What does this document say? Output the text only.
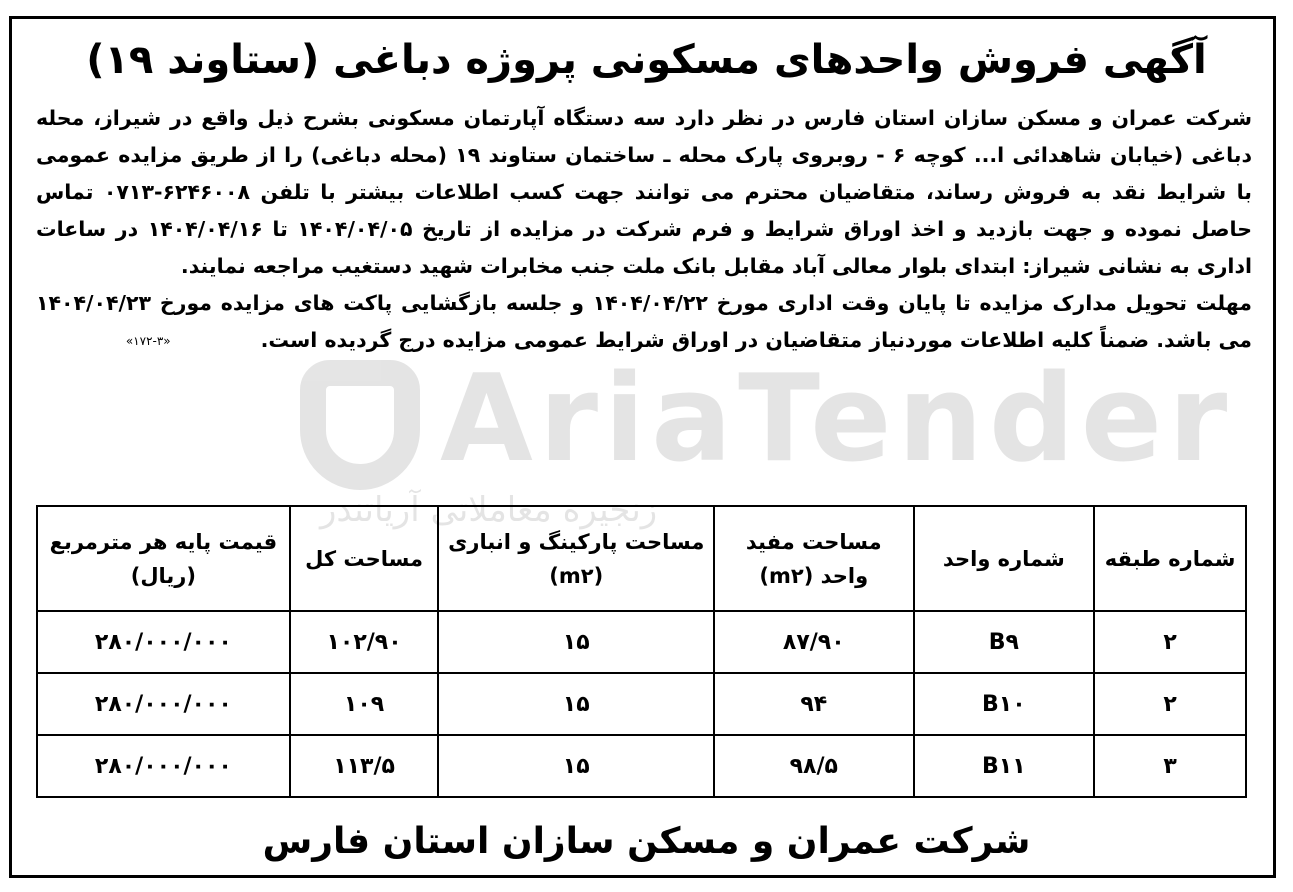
AriaTender
زنجیره معاملاتی آریاتندر
آگهی فروش واحدهای مسکونی پروژه دباغی (ستاوند ۱۹)

شرکت عمران و مسکن سازان استان فارس در نظر دارد سه دستگاه آپارتمان مسکونی بشرح ذیل واقع در شیراز، محله دباغی (خیابان شاهدائی ا... کوچه ۶ - روبروی پارک محله ـ ساختمان ستاوند ۱۹ (محله دباغی) را از طریق مزایده عمومی با شرایط نقد به فروش رساند، متقاضیان محترم می توانند جهت کسب اطلاعات بیشتر با تلفن ۶۲۴۶۰۰۸-۰۷۱۳ تماس حاصل نموده و جهت بازدید و اخذ اوراق شرایط و فرم شرکت در مزایده از تاریخ ۱۴۰۴/۰۴/۰۵ تا ۱۴۰۴/۰۴/۱۶ در ساعات اداری به نشانی شیراز: ابتدای بلوار معالی آباد مقابل بانک ملت جنب مخابرات شهید دستغیب مراجعه نمایند.

مهلت تحویل مدارک مزایده تا پایان وقت اداری مورخ ۱۴۰۴/۰۴/۲۲ و جلسه بازگشایی پاکت های مزایده مورخ ۱۴۰۴/۰۴/۲۳ می باشد. ضمناً کلیه اطلاعات موردنیاز متقاضیان در اوراق شرایط عمومی مزایده درج گردیده است.«۱۷۲-۳»

شماره طبقه	شماره واحد	مساحت مفید واحد (m۲)	مساحت پارکینگ و انباری (m۲)	مساحت کل	قیمت پایه هر مترمربع (ریال)
۲	B۹	۸۷/۹۰	۱۵	۱۰۲/۹۰	۲۸۰/۰۰۰/۰۰۰
۲	B۱۰	۹۴	۱۵	۱۰۹	۲۸۰/۰۰۰/۰۰۰
۳	B۱۱	۹۸/۵	۱۵	۱۱۳/۵	۲۸۰/۰۰۰/۰۰۰
شرکت عمران و مسکن سازان استان فارس
